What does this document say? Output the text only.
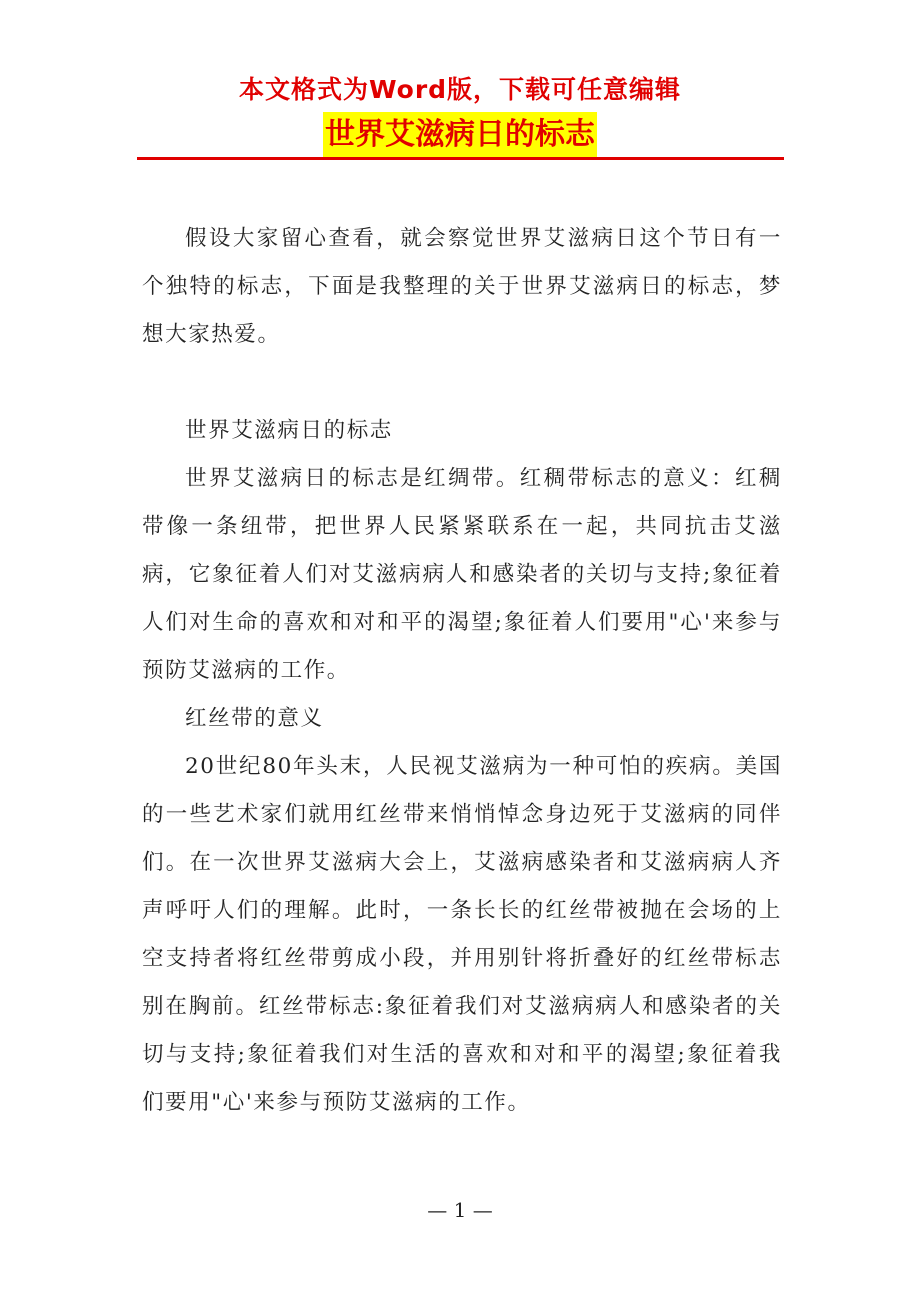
本文格式为Word版，下载可任意编辑
世界艾滋病日的标志

假设大家留心查看，就会察觉世界艾滋病日这个节日有一个独特的标志，下面是我整理的关于世界艾滋病日的标志，梦想大家热爱。

世界艾滋病日的标志

世界艾滋病日的标志是红绸带。红稠带标志的意义：红稠带像一条纽带，把世界人民紧紧联系在一起，共同抗击艾滋病，它象征着人们对艾滋病病人和感染者的关切与支持;象征着人们对生命的喜欢和对和平的渴望;象征着人们要用"心'来参与预防艾滋病的工作。

红丝带的意义

20世纪80年头末，人民视艾滋病为一种可怕的疾病。美国的一些艺术家们就用红丝带来悄悄悼念身边死于艾滋病的同伴们。在一次世界艾滋病大会上，艾滋病感染者和艾滋病病人齐声呼吁人们的理解。此时，一条长长的红丝带被抛在会场的上空支持者将红丝带剪成小段，并用别针将折叠好的红丝带标志别在胸前。红丝带标志:象征着我们对艾滋病病人和感染者的关切与支持;象征着我们对生活的喜欢和对和平的渴望;象征着我们要用"心'来参与预防艾滋病的工作。

— 1 —
